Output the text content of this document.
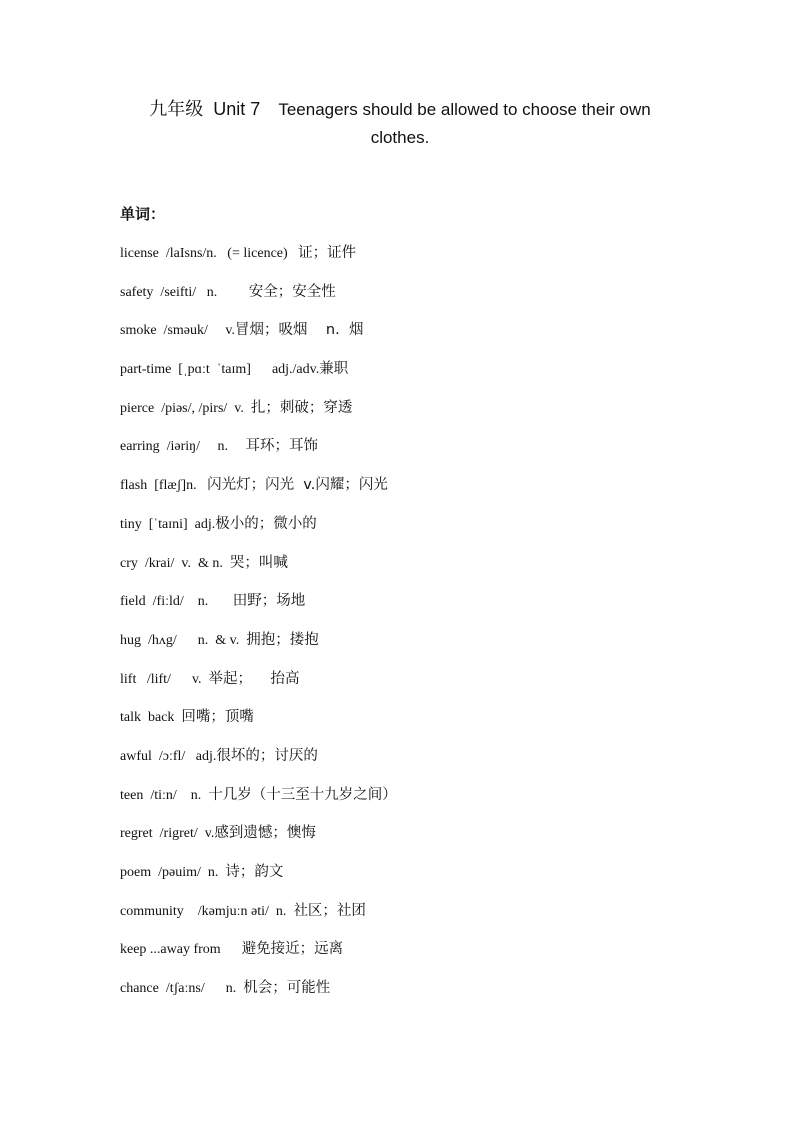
九年级 Unit 7 Teenagers should be allowed to choose their own
clothes.
单词：
license  /laIsns/n.   (= licence)   证；证件
safety  /seifti/   n.         安全；安全性
smoke  /sməuk/     v.冒烟；吸烟    n.  烟
part-time  [ˌpɑːt  ˈtaɪm]      adj./adv.兼职
pierce  /piəs/, /pirs/  v.  扎；刺破；穿透
earring  /iəriŋ/     n.     耳环；耳饰
flash  [flæʃ]n.   闪光灯；闪光  v.闪耀；闪光
tiny  [ˈtaɪni]  adj.极小的；微小的
cry  /krai/  v.  & n.  哭；叫喊
field  /fiːld/    n.       田野；场地
hug  /hʌg/      n.  & v.  拥抱；搂抱
lift   /lift/      v.  举起；    抬高
talk  back  回嘴；顶嘴
awful  /ɔːfl/   adj.很坏的；讨厌的
teen  /tiːn/    n.  十几岁（十三至十九岁之间）
regret  /rigret/  v.感到遗憾；懊悔
poem  /pəuim/  n.  诗；韵文
community    /kəmjuːn əti/  n.  社区；社团
keep ...away from      避免接近；远离
chance  /tʃaːns/      n.  机会；可能性
